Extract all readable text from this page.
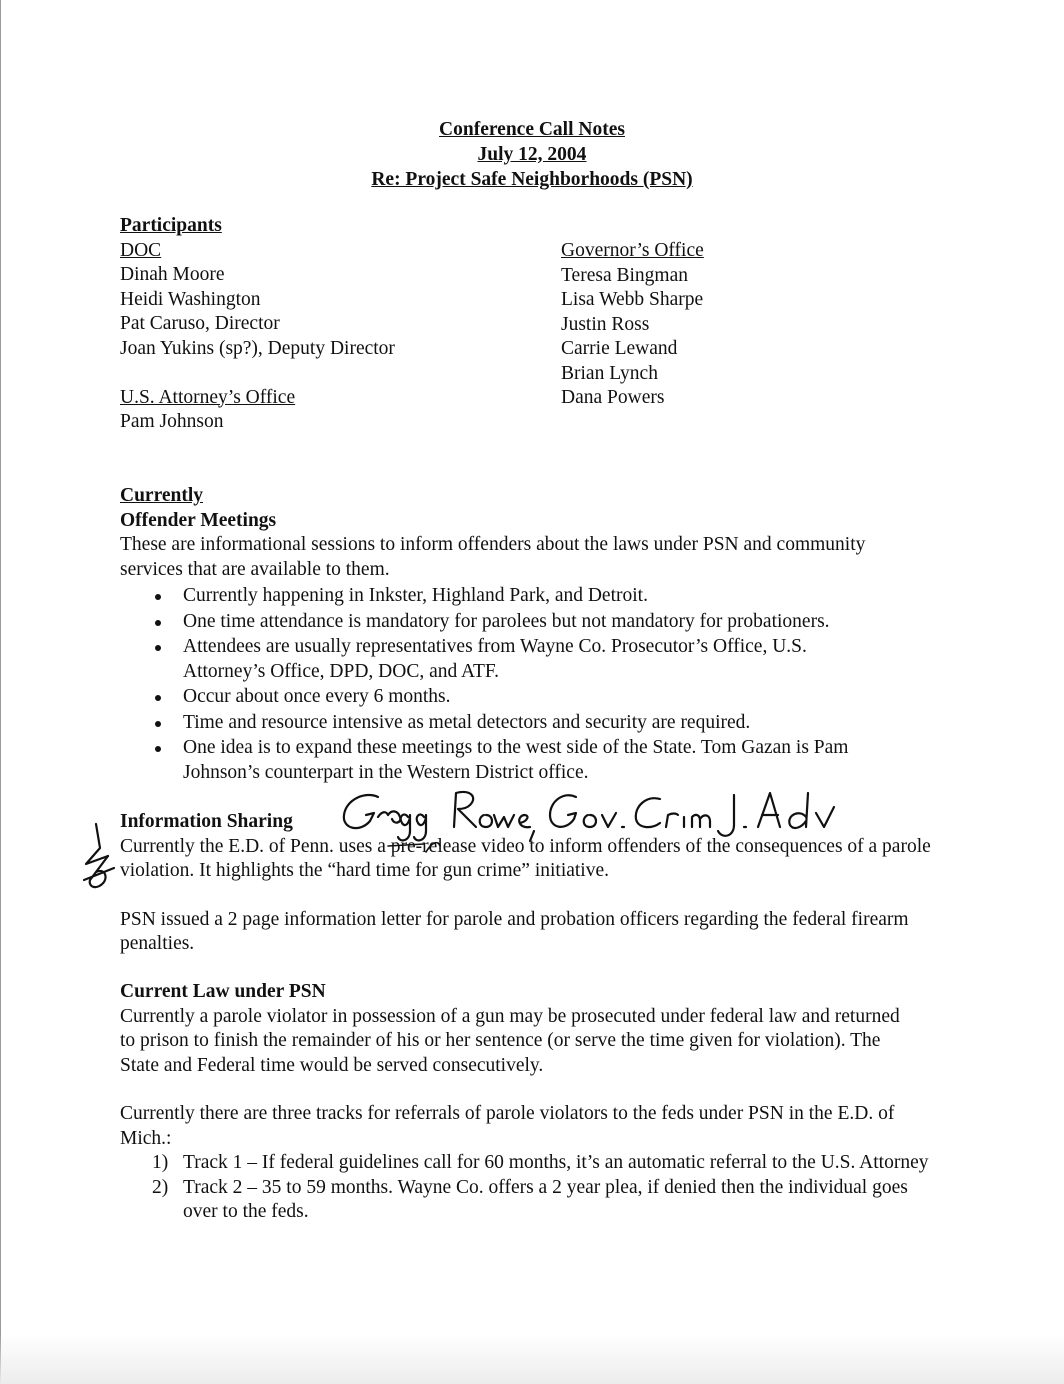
Conference Call Notes
July 12, 2004
Re: Project Safe Neighborhoods (PSN)
Participants
DOC
Dinah Moore
Heidi Washington
Pat Caruso, Director
Joan Yukins (sp?), Deputy Director
U.S. Attorney’s Office
Pam Johnson
Governor’s Office
Teresa Bingman
Lisa Webb Sharpe
Justin Ross
Carrie Lewand
Brian Lynch
Dana Powers
Currently
Offender Meetings

These are informational sessions to inform offenders about the laws under PSN and community services that are available to them.

Currently happening in Inkster, Highland Park, and Detroit.
One time attendance is mandatory for parolees but not mandatory for probationers.
Attendees are usually representatives from Wayne Co. Prosecutor’s Office, U.S. Attorney’s Office, DPD, DOC, and ATF.
Occur about once every 6 months.
Time and resource intensive as metal detectors and security are required.
One idea is to expand these meetings to the west side of the State. Tom Gazan is Pam Johnson’s counterpart in the Western District office.
Information Sharing

Currently the E.D. of Penn. uses a pre-release video to inform offenders of the consequences of a parole violation. It highlights the “hard time for gun crime” initiative.

PSN issued a 2 page information letter for parole and probation officers regarding the federal firearm penalties.

Current Law under PSN

Currently a parole violator in possession of a gun may be prosecuted under federal law and returned to prison to finish the remainder of his or her sentence (or serve the time given for violation). The State and Federal time would be served consecutively.

Currently there are three tracks for referrals of parole violators to the feds under PSN in the E.D. of Mich.:

1) Track 1 – If federal guidelines call for 60 months, it’s an automatic referral to the U.S. Attorney
2) Track 2 – 35 to 59 months. Wayne Co. offers a 2 year plea, if denied then the individual goes over to the feds.
